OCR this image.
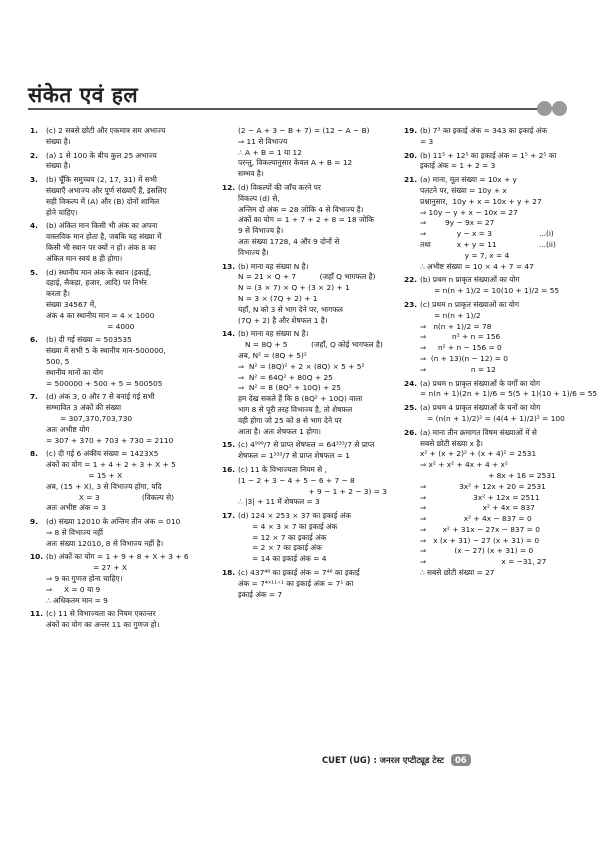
संकेत एवं हल
1. (c) 2 सबसे छोटी और एकमात्र सम अभाज्य
संख्या है।
2. (a) 1 से 100 के बीच कुल 25 अभाज्य
संख्या है।
3. (b) चूँकि समुच्चय (2, 17, 31) में सभी
संख्याएँ अभाज्य और पूर्ण संख्याएँ हैं, इसलिए
सही विकल्प में (A) और (B) दोनों शामिल
होने चाहिए।
4. (b) अंकित मान किसी भी अंक का अपना
वास्तविक मान होता है, जबकि यह संख्या में
किसी भी स्थान पर क्यों न हो। अंक 8 का
अंकित मान स्वयं 8 ही होगा।
5. (d) स्थानीय मान अंक के स्थान (इकाई,
दहाई, सैकड़ा, हजार, आदि) पर निर्भर
करता है।
संख्या 34567 में,
अंक 4 का स्थानीय मान = 4 × 1000
= 4000
6. (b) दी गई संख्या = 503535
संख्या में सभी 5 के स्थानीय मान-500000,
500, 5
स्थानीय मानों का योग
= 500000 + 500 + 5 = 500505
7. (d) अंक 3, 0 और 7 से बनाई गई सभी
सम्भावित 3 अंकों की संख्या
= 307,370,703,730
अतः अभीष्ट योग
= 307 + 370 + 703 + 730 = 2110
8. (c) दी गई 6 अंकीय संख्या = 1423X5
अंकों का योग = 1 + 4 + 2 + 3 + X + 5
= 15 + X
अब, (15 + X), 3 से विभाज्य होगा, यदि
X = 3                  (विकल्प से)
अतः अभीष्ट अंक = 3
9. (d) संख्या 12010 के अन्तिम तीन अंक = 010
⇒ 8 से विभाज्य नहीं
अतः संख्या 12010, 8 से विभाज्य नहीं है।
10. (b) अंकों का योग = 1 + 9 + 8 + X + 3 + 6
= 27 + X
⇒ 9 का गुणज होना चाहिए।
⇒     X = 0 या 9
∴ अधिकतम मान = 9
11. (c) 11 से विभाज्यता का नियम एकान्तर
अंकों का योग का अन्तर 11 का गुणज हो।
(2 − A + 3 − B + 7) = (12 − A − B)
⇒ 11 से विभाज्य
∴ A + B = 1 या 12
परन्तु, विकल्पानुसार केवल A + B = 12
सम्भव है।
12. (d) विकल्पों की जाँच करने पर
विकल्प (d) से,
अन्तिम दो अंक = 28 जोकि 4 से विभाज्य है।
अंकों का योग = 1 + 7 + 2 + 8 = 18 जोकि
9 से विभाज्य है।
अतः संख्या 1728, 4 और 9 दोनों से
विभाज्य है।
13. (b) माना वह संख्या N है।
N = 21 × Q + 7          (जहाँ Q भागफल है)
N = (3 × 7) × Q + (3 × 2) + 1
N = 3 × (7Q + 2) + 1
यहाँ, N को 3 से भाग देने पर, भागफल
(7Q + 2) है और शेषफल 1 है।
14. (b) माना वह संख्या N है।
N = 8Q + 5          (जहाँ, Q कोई भागफल है)
अब, N² = (8Q + 5)²
⇒  N² = (8Q)² + 2 × (8Q) × 5 + 5²
⇒  N² = 64Q² + 80Q + 25
⇒  N² = 8 (8Q² + 10Q) + 25
हम देख सकते हैं कि 8 (8Q² + 10Q) वाला
भाग 8 से पूरी तरह विभाज्य है, तो शेषफल
वही होगा जो 25 को 8 से भाग देने पर
आता है। अतः शेषफल 1 होगा।
15. (c) 4⁹⁹⁹/7 से प्राप्त शेषफल = 64³³³/7 से प्राप्त
शेषफल = 1³³³/7 से प्राप्त शेषफल = 1
16. (c) 11 के विभाज्यता नियम से ,
(1 − 2 + 3 − 4 + 5 − 6 + 7 − 8
+ 9 − 1 + 2 − 3) = 3
∴ |3| + 11 में शेषफल = 3
17. (d) 124 × 253 × 37 का इकाई अंक
= 4 × 3 × 7 का इकाई अंक
= 12 × 7 का इकाई अंक
= 2 × 7 का इकाई अंक
= 14 का इकाई अंक = 4
18. (c) 437⁴⁶ का इकाई अंक = 7⁴⁶ का इकाई
अंक = 7⁴ˣ¹¹⁺¹ का इकाई अंक = 7¹ का
इकाई अंक = 7
19. (b) 7³ का इकाई अंक = 343 का इकाई अंक
= 3
20. (b) 11⁵ + 12⁵ का इकाई अंक = 1⁵ + 2⁵ का
इकाई अंक = 1 + 2 = 3
21. (a) माना, मूल संख्या = 10x + y
पलटने पर, संख्या = 10y + x
प्रश्नानुसार,  10y + x = 10x + y + 27
⇒ 10y − y + x − 10x = 27
⇒        9y − 9x = 27
⇒             y − x = 3                    ...(i)
तथा           x + y = 11                  ...(ii)
y = 7, x = 4
∴ अभीष्ट संख्या = 10 × 4 + 7 = 47
22. (b) प्रथम n प्राकृत संख्याओं का योग
= n(n + 1)/2 = 10(10 + 1)/2 = 55
23. (c) प्रथम n प्राकृत संख्याओं का योग
= n(n + 1)/2
⇒   n(n + 1)/2 = 78
⇒           n² + n = 156
⇒     n² + n − 156 = 0
⇒  (n + 13)(n − 12) = 0
⇒                   n = 12
24. (a) प्रथम n प्राकृत संख्याओं के वर्गों का योग
= n(n + 1)(2n + 1)/6 = 5(5 + 1)(10 + 1)/6 = 55
25. (a) प्रथम 4 प्राकृत संख्याओं के घनों का योग
= (n(n + 1)/2)² = (4(4 + 1)/2)² = 100
26. (a) माना तीन क्रमागत विषम संख्याओं में से
सबसे छोटी संख्या x है।
x² + (x + 2)² + (x + 4)² = 2531
⇒ x² + x² + 4x + 4 + x²
+ 8x + 16 = 2531
⇒              3x² + 12x + 20 = 2531
⇒                    3x² + 12x = 2511
⇒                        x² + 4x = 837
⇒                x² + 4x − 837 = 0
⇒       x² + 31x − 27x − 837 = 0
⇒   x (x + 31) − 27 (x + 31) = 0
⇒            (x − 27) (x + 31) = 0
⇒                                x = −31, 27
∴ सबसे छोटी संख्या = 27
CUET (UG) : जनरल एप्टीट्यूड टेस्ट	06
